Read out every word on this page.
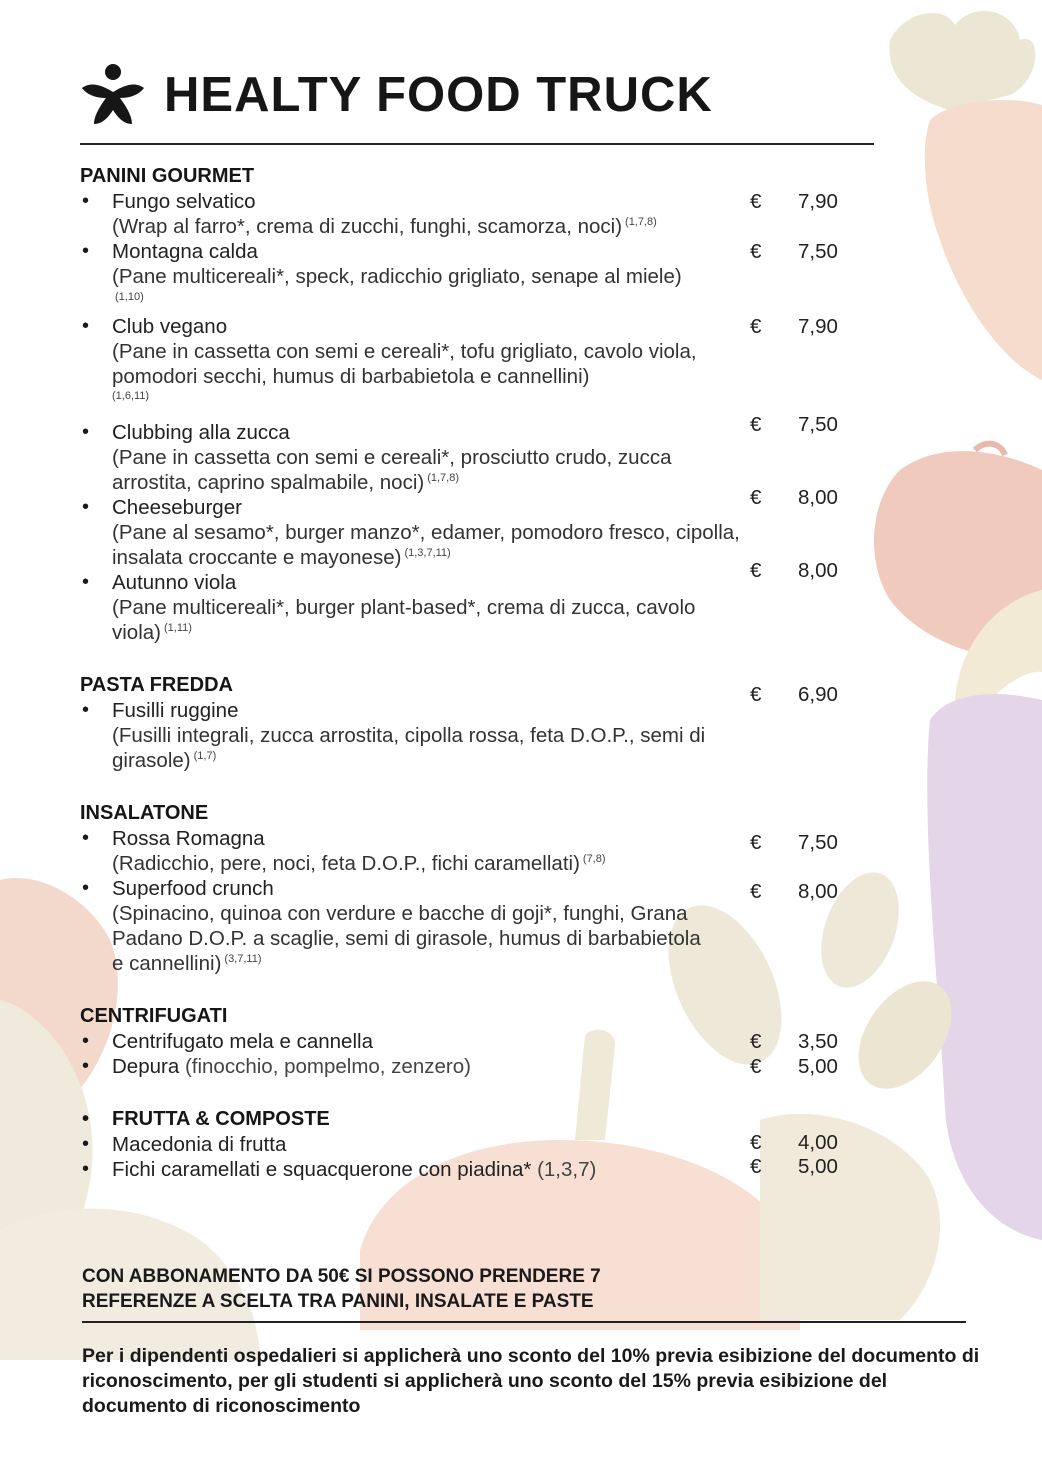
HEALTY FOOD TRUCK
PANINI GOURMET
• Fungo selvatico
(Wrap al farro*, crema di zucchi, funghi, scamorza, noci) $^{(1,7,8)}$
€ 7,90
• Montagna calda
(Pane multicereali*, speck, radicchio grigliato, senape al miele)$^{(1,10)}$
€ 7,50
• Club vegano
(Pane in cassetta con semi e cereali*, tofu grigliato, cavolo viola, pomodori secchi, humus di barbabietola e cannellini)
$^{(1,6,11)}$
€ 7,90
• Clubbing alla zucca
(Pane in cassetta con semi e cereali*, prosciutto crudo, zucca arrostita, caprino spalmabile, noci) $^{(1,7,8)}$
€ 7,50
• Cheeseburger
(Pane al sesamo*, burger manzo*, edamer, pomodoro fresco, cipolla, insalata croccante e mayonese) $^{(1,3,7,11)}$
€ 8,00
• Autunno viola
(Pane multicereali*, burger plant-based*, crema di zucca, cavolo viola) $^{(1,11)}$
€ 8,00
PASTA FREDDA
• Fusilli ruggine
(Fusilli integrali, zucca arrostita, cipolla rossa, feta D.O.P., semi di girasole) $^{(1,7)}$
€ 6,90
INSALATONE
• Rossa Romagna
(Radicchio, pere, noci, feta D.O.P., fichi caramellati) $^{(7,8)}$
€ 7,50
• Superfood crunch
(Spinacino, quinoa con verdure e bacche di goji*, funghi, Grana Padano D.O.P. a scaglie, semi di girasole, humus di barbabietola e cannellini) $^{(3,7,11)}$
€ 8,00
CENTRIFUGATI
• Centrifugato mela e cannella	€ 3,50
• Depura (finocchio, pompelmo, zenzero)	€ 5,00
• FRUTTA & COMPOSTE
• Macedonia di frutta	€ 4,00
• Fichi caramellati e squacquerone con piadina* (1,3,7)	€ 5,00
CON ABBONAMENTO DA 50€ SI POSSONO PRENDERE 7
REFERENZE A SCELTA TRA PANINI, INSALATE E PASTE
Per i dipendenti ospedalieri si applicherà uno sconto del 10% previa esibizione del documento di riconoscimento, per gli studenti si applicherà uno sconto del 15% previa esibizione del documento di riconoscimento
